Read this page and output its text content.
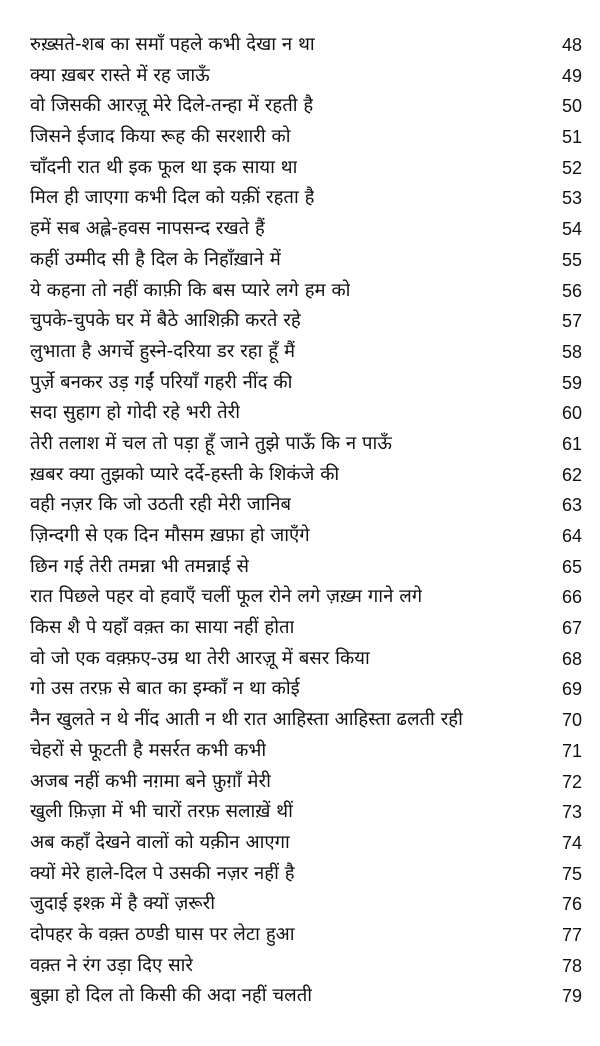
रुख़्सते-शब का समाँ पहले कभी देखा न था	48
क्या ख़बर रास्ते में रह जाऊँ	49
वो जिसकी आरज़ू मेरे दिले-तन्हा में रहती है	50
जिसने ईजाद किया रूह की सरशारी को	51
चाँदनी रात थी इक फूल था इक साया था	52
मिल ही जाएगा कभी दिल को यक़ीं रहता है	53
हमें सब अह्ले-हवस नापसन्द रखते हैं	54
कहीं उम्मीद सी है दिल के निहाँख़ाने में	55
ये कहना तो नहीं काफ़ी कि बस प्यारे लगे हम को	56
चुपके-चुपके घर में बैठे आशिक़ी करते रहे	57
लुभाता है अगर्चे हुस्ने-दरिया डर रहा हूँ मैं	58
पुर्ज़े बनकर उड़ गईं परियाँ गहरी नींद की	59
सदा सुहाग हो गोदी रहे भरी तेरी	60
तेरी तलाश में चल तो पड़ा हूँ जाने तुझे पाऊँ कि न पाऊँ	61
ख़बर क्या तुझको प्यारे दर्दे-हस्ती के शिकंजे की	62
वही नज़र कि जो उठती रही मेरी जानिब	63
ज़िन्दगी से एक दिन मौसम ख़फ़ा हो जाएँगे	64
छिन गई तेरी तमन्ना भी तमन्नाई से	65
रात पिछले पहर वो हवाएँ चलीं फूल रोने लगे ज़ख़्म गाने लगे	66
किस शै पे यहाँ वक़्त का साया नहीं होता	67
वो जो एक वक़्फ़ए-उम्र था तेरी आरज़ू में बसर किया	68
गो उस तरफ़ से बात का इम्काँ न था कोई	69
नैन खुलते न थे नींद आती न थी रात आहिस्ता आहिस्ता ढलती रही	70
चेहरों से फूटती है मसर्रत कभी कभी	71
अजब नहीं कभी नग़मा बने फ़ुग़ाँ मेरी	72
खुली फ़िज़ा में भी चारों तरफ़ सलाख़ें थीं	73
अब कहाँ देखने वालों को यक़ीन आएगा	74
क्यों मेरे हाले-दिल पे उसकी नज़र नहीं है	75
जुदाई इश्क़ में है क्यों ज़रूरी	76
दोपहर के वक़्त ठण्डी घास पर लेटा हुआ	77
वक़्त ने रंग उड़ा दिए सारे	78
बुझा हो दिल तो किसी की अदा नहीं चलती	79
